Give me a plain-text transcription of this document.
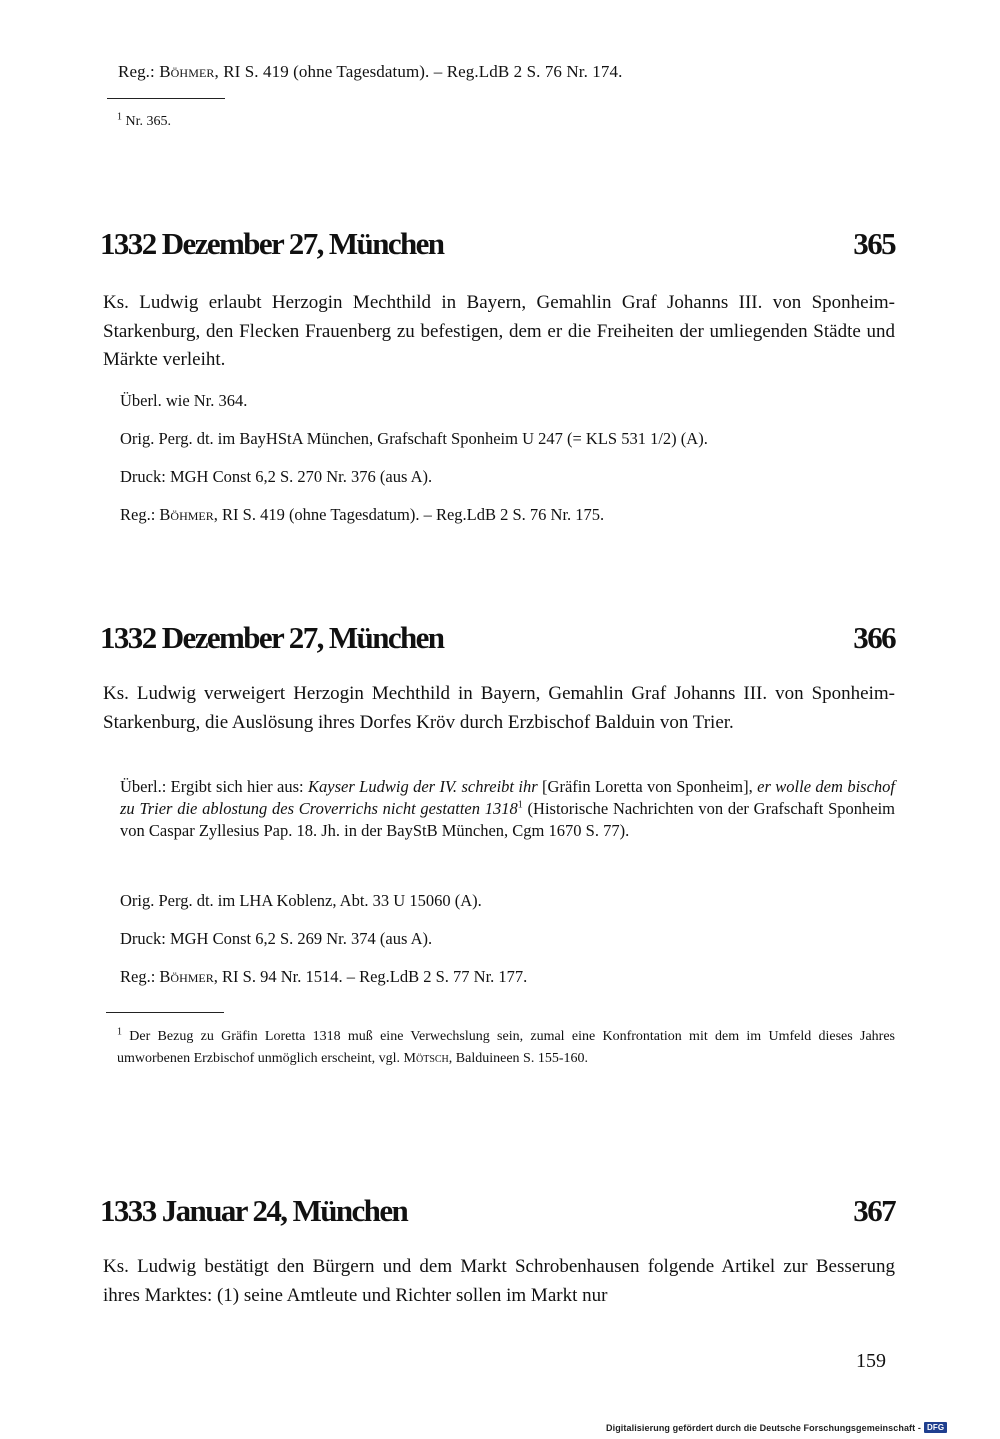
Reg.: Böhmer, RI S. 419 (ohne Tagesdatum). – Reg.LdB 2 S. 76 Nr. 174.
$^1$ Nr. 365.
1332 Dezember 27, München	365
Ks. Ludwig erlaubt Herzogin Mechthild in Bayern, Gemahlin Graf Johanns III. von Sponheim-Starkenburg, den Flecken Frauenberg zu befestigen, dem er die Freiheiten der umliegenden Städte und Märkte verleiht.
Überl. wie Nr. 364.
Orig. Perg. dt. im BayHStA München, Grafschaft Sponheim U 247 (= KLS 531 1/2) (A).
Druck: MGH Const 6,2 S. 270 Nr. 376 (aus A).
Reg.: Böhmer, RI S. 419 (ohne Tagesdatum). – Reg.LdB 2 S. 76 Nr. 175.
1332 Dezember 27, München	366
Ks. Ludwig verweigert Herzogin Mechthild in Bayern, Gemahlin Graf Johanns III. von Sponheim-Starkenburg, die Auslösung ihres Dorfes Kröv durch Erzbischof Balduin von Trier.
Überl.: Ergibt sich hier aus: Kayser Ludwig der IV. schreibt ihr [Gräfin Loretta von Sponheim], er wolle dem bischof zu Trier die ablostung des Croverrichs nicht gestatten 1318$^1$ (Historische Nachrichten von der Grafschaft Sponheim von Caspar Zyllesius Pap. 18. Jh. in der BayStB München, Cgm 1670 S. 77).
Orig. Perg. dt. im LHA Koblenz, Abt. 33 U 15060 (A).
Druck: MGH Const 6,2 S. 269 Nr. 374 (aus A).
Reg.: Böhmer, RI S. 94 Nr. 1514. – Reg.LdB 2 S. 77 Nr. 177.
$^1$ Der Bezug zu Gräfin Loretta 1318 muß eine Verwechslung sein, zumal eine Konfrontation mit dem im Umfeld dieses Jahres umworbenen Erzbischof unmöglich erscheint, vgl. Mötsch, Balduineen S. 155-160.
1333 Januar 24, München	367
Ks. Ludwig bestätigt den Bürgern und dem Markt Schrobenhausen folgende Artikel zur Besserung ihres Marktes: (1) seine Amtleute und Richter sollen im Markt nur
159
Digitalisierung gefördert durch die Deutsche Forschungsgemeinschaft - DFG
